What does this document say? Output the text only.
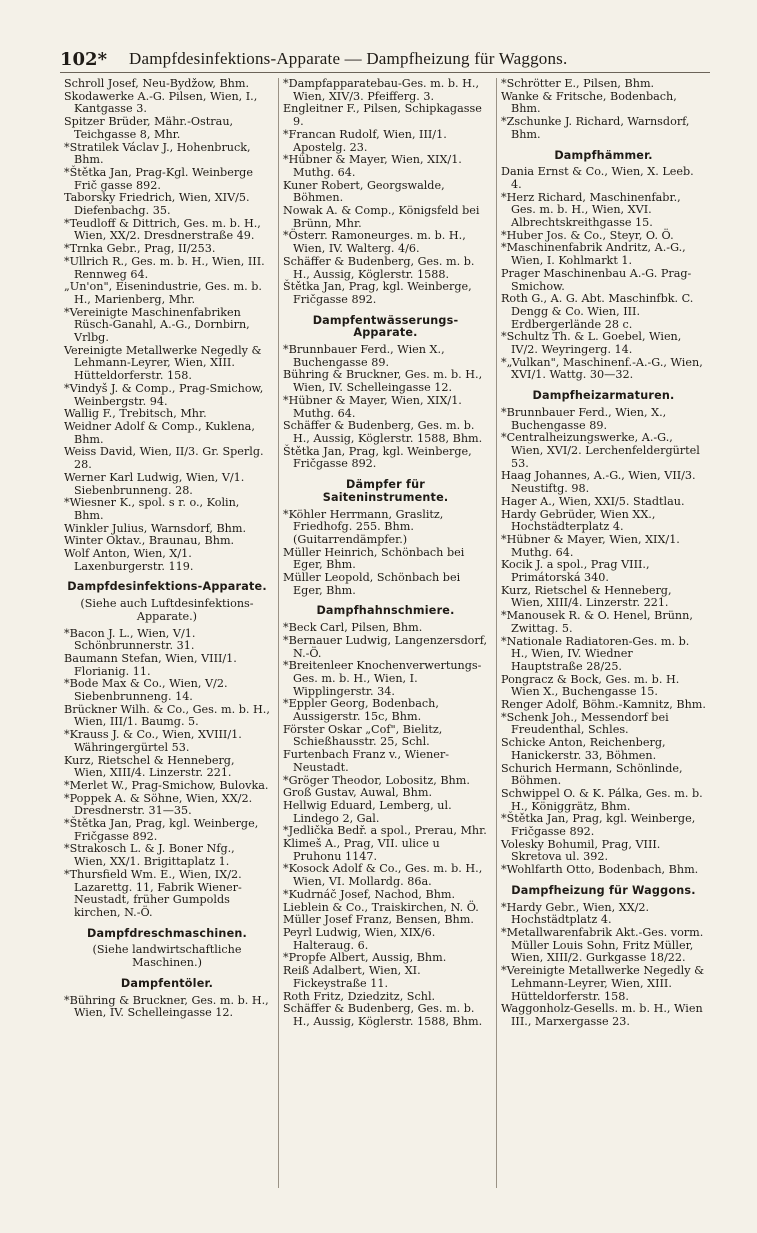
102* Dampfdesinfektions-Apparate — Dampfheizung für Waggons.
Schroll Josef, Neu-Bydžow, Bhm.
Skodawerke A.-G. Pilsen, Wien, I., Kantgasse 3.
Spitzer Brüder, Mähr.-Ostrau, Teichgasse 8, Mhr.
*Stratilek Václav J., Hohenbruck, Bhm.
*Štětka Jan, Prag-Kgl. Weinberge Frič gasse 892.
Taborsky Friedrich, Wien, XIV/5. Diefenbachg. 35.
*Teudloff & Dittrich, Ges. m. b. H., Wien, XX/2. Dresdnerstraße 49.
*Trnka Gebr., Prag, II/253.
*Ullrich R., Ges. m. b. H., Wien, III. Rennweg 64.
„Un'on", Eisenindustrie, Ges. m. b. H., Marienberg, Mhr.
*Vereinigte Maschinenfabriken Rüsch-Ganahl, A.-G., Dornbirn, Vrlbg.
Vereinigte Metallwerke Negedly & Lehmann-Leyrer, Wien, XIII. Hütteldorferstr. 158.
*Vindyš J. & Comp., Prag-Smichow, Weinbergstr. 94.
Wallig F., Trebitsch, Mhr.
Weidner Adolf & Comp., Kuklena, Bhm.
Weiss David, Wien, II/3. Gr. Sperlg. 28.
Werner Karl Ludwig, Wien, V/1. Siebenbrunneng. 28.
*Wiesner K., spol. s r. o., Kolin, Bhm.
Winkler Julius, Warnsdorf, Bhm.
Winter Oktav., Braunau, Bhm.
Wolf Anton, Wien, X/1. Laxenburgerstr. 119.
Dampfdesinfektions-Apparate.
(Siehe auch Luftdesinfektions-Apparate.)
*Bacon J. L., Wien, V/1. Schönbrunnerstr. 31.
Baumann Stefan, Wien, VIII/1. Florianig. 11.
*Bode Max & Co., Wien, V/2. Siebenbrunneng. 14.
Brückner Wilh. & Co., Ges. m. b. H., Wien, III/1. Baumg. 5.
*Krauss J. & Co., Wien, XVIII/1. Währingergürtel 53.
Kurz, Rietschel & Henneberg, Wien, XIII/4. Linzerstr. 221.
*Merlet W., Prag-Smichow, Bulovka.
*Poppek A. & Söhne, Wien, XX/2. Dresdnerstr. 31—35.
*Štětka Jan, Prag, kgl. Weinberge, Fričgasse 892.
*Strakosch L. & J. Boner Nfg., Wien, XX/1. Brigittaplatz 1.
*Thursfield Wm. E., Wien, IX/2. Lazarettg. 11, Fabrik Wiener-Neustadt, früher Gumpolds kirchen, N.-Ö.
Dampfdreschmaschinen.
(Siehe landwirtschaftliche Maschinen.)
Dampfentöler.
*Bühring & Bruckner, Ges. m. b. H., Wien, IV. Schelleingasse 12.
*Dampfapparatebau-Ges. m. b. H., Wien, XIV/3. Pfeifferg. 3.
Engleitner F., Pilsen, Schipkagasse 9.
*Francan Rudolf, Wien, III/1. Apostelg. 23.
*Hübner & Mayer, Wien, XIX/1. Muthg. 64.
Kuner Robert, Georgswalde, Böhmen.
Nowak A. & Comp., Königsfeld bei Brünn, Mhr.
*Österr. Ramoneurges. m. b. H., Wien, IV. Walterg. 4/6.
Schäffer & Budenberg, Ges. m. b. H., Aussig, Köglerstr. 1588.
Štětka Jan, Prag, kgl. Weinberge, Fričgasse 892.
Dampfentwässerungs-Apparate.
*Brunnbauer Ferd., Wien X., Buchengasse 89.
Bühring & Bruckner, Ges. m. b. H., Wien, IV. Schelleingasse 12.
*Hübner & Mayer, Wien, XIX/1. Muthg. 64.
Schäffer & Budenberg, Ges. m. b. H., Aussig, Köglerstr. 1588, Bhm.
Štětka Jan, Prag, kgl. Weinberge, Fričgasse 892.
Dämpfer für Saiteninstrumente.
*Köhler Herrmann, Graslitz, Friedhofg. 255. Bhm. (Guitarrendämpfer.)
Müller Heinrich, Schönbach bei Eger, Bhm.
Müller Leopold, Schönbach bei Eger, Bhm.
Dampfhahnschmiere.
*Beck Carl, Pilsen, Bhm.
*Bernauer Ludwig, Langenzersdorf, N.-Ö.
*Breitenleer Knochenverwertungs-Ges. m. b. H., Wien, I. Wipplingerstr. 34.
*Eppler Georg, Bodenbach, Aussigerstr. 15c, Bhm.
Förster Oskar „Cof", Bielitz, Schießhausstr. 25, Schl.
Furtenbach Franz v., Wiener-Neustadt.
*Gröger Theodor, Lobositz, Bhm.
Groß Gustav, Auwal, Bhm.
Hellwig Eduard, Lemberg, ul. Lindego 2, Gal.
*Jedlička Bedř. a spol., Prerau, Mhr.
Klimeš A., Prag, VII. ulice u Pruhonu 1147.
*Kosock Adolf & Co., Ges. m. b. H., Wien, VI. Mollardg. 86a.
*Kudrnáč Josef, Nachod, Bhm.
Lieblein & Co., Traiskirchen, N. Ö.
Müller Josef Franz, Bensen, Bhm.
Peyrl Ludwig, Wien, XIX/6. Halteraug. 6.
*Propfe Albert, Aussig, Bhm.
Reiß Adalbert, Wien, XI. Fickeystraße 11.
Roth Fritz, Dziedzitz, Schl.
Schäffer & Budenberg, Ges. m. b. H., Aussig, Köglerstr. 1588, Bhm.
*Schrötter E., Pilsen, Bhm.
Wanke & Fritsche, Bodenbach, Bhm.
*Zschunke J. Richard, Warnsdorf, Bhm.
Dampfhämmer.
Dania Ernst & Co., Wien, X. Leeb. 4.
*Herz Richard, Maschinenfabr., Ges. m. b. H., Wien, XVI. Albrechtskreithgasse 15.
*Huber Jos. & Co., Steyr, O. Ö.
*Maschinenfabrik Andritz, A.-G., Wien, I. Kohlmarkt 1.
Prager Maschinenbau A.-G. Prag-Smichow.
Roth G., A. G. Abt. Maschinfbk. C. Dengg & Co. Wien, III. Erdbergerlände 28 c.
*Schultz Th. & L. Goebel, Wien, IV/2. Weyringerg. 14.
*„Vulkan", Maschinenf.-A.-G., Wien, XVI/1. Wattg. 30—32.
Dampfheizarmaturen.
*Brunnbauer Ferd., Wien, X., Buchengasse 89.
*Centralheizungswerke, A.-G., Wien, XVI/2. Lerchenfeldergürtel 53.
Haag Johannes, A.-G., Wien, VII/3. Neustiftg. 98.
Hager A., Wien, XXI/5. Stadtlau.
Hardy Gebrüder, Wien XX., Hochstädterplatz 4.
*Hübner & Mayer, Wien, XIX/1. Muthg. 64.
Kocik J. a spol., Prag VIII., Primátorská 340.
Kurz, Rietschel & Henneberg, Wien, XIII/4. Linzerstr. 221.
*Manousek R. & O. Henel, Brünn, Zwittag. 5.
*Nationale Radiatoren-Ges. m. b. H., Wien, IV. Wiedner Hauptstraße 28/25.
Pongracz & Bock, Ges. m. b. H. Wien X., Buchengasse 15.
Renger Adolf, Böhm.-Kamnitz, Bhm.
*Schenk Joh., Messendorf bei Freudenthal, Schles.
Schicke Anton, Reichenberg, Hanickerstr. 33, Böhmen.
Schurich Hermann, Schönlinde, Böhmen.
Schwippel O. & K. Pálka, Ges. m. b. H., Königgrätz, Bhm.
*Štětka Jan, Prag, kgl. Weinberge, Fričgasse 892.
Volesky Bohumil, Prag, VIII. Skretova ul. 392.
*Wohlfarth Otto, Bodenbach, Bhm.
Dampfheizung für Waggons.
*Hardy Gebr., Wien, XX/2. Hochstädtplatz 4.
*Metallwarenfabrik Akt.-Ges. vorm. Müller Louis Sohn, Fritz Müller, Wien, XIII/2. Gurkgasse 18/22.
*Vereinigte Metallwerke Negedly & Lehmann-Leyrer, Wien, XIII. Hütteldorferstr. 158.
Waggonholz-Gesells. m. b. H., Wien III., Marxergasse 23.
